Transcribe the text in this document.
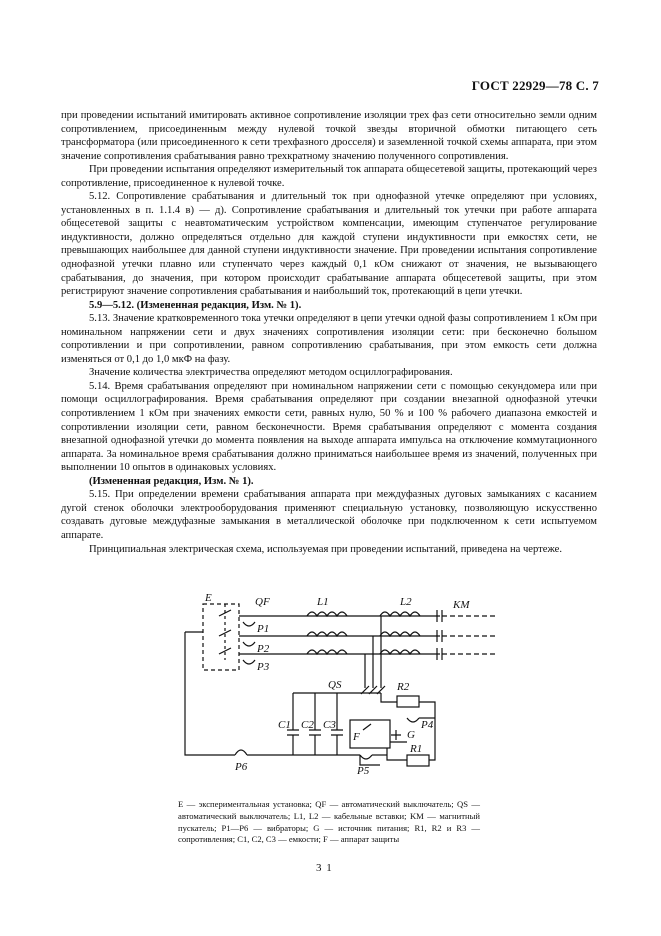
ГОСТ 22929—78 С. 7

при проведении испытаний имитировать активное сопротивление изоляции трех фаз сети относительно земли одним сопротивлением, присоединенным между нулевой точкой звезды вторичной обмотки питающего сеть трансформатора (или присоединенного к сети трехфазного дросселя) и заземленной точкой схемы аппарата, при этом значение сопротивления срабатывания равно трехкратному значению полученного сопротивления.

При проведении испытания определяют измерительный ток аппарата общесетевой защиты, протекающий через сопротивление, присоединенное к нулевой точке.

5.12. Сопротивление срабатывания и длительный ток при однофазной утечке определяют при условиях, установленных в п. 1.1.4 в) — д). Сопротивление срабатывания и длительный ток утечки при работе аппарата общесетевой защиты с неавтоматическим устройством компенсации, имеющим ступенчатое регулирование индуктивности, должно определяться отдельно для каждой ступени индуктивности при емкостях сети, не превышающих наибольшее для данной ступени индуктивности значение. При проведении испытания сопротивление однофазной утечки плавно или ступенчато через каждый 0,1 кОм снижают от значения, не вызывающего срабатывания, до значения, при котором происходит срабатывание аппарата общесетевой защиты, при этом регистрируют значение сопротивления срабатывания и наибольший ток, протекающий в цепи утечки.

5.9—5.12. (Измененная редакция, Изм. № 1).

5.13. Значение кратковременного тока утечки определяют в цепи утечки одной фазы сопротивлением 1 кОм при номинальном напряжении сети и двух значениях сопротивления изоляции сети: при бесконечно большом сопротивлении и при сопротивлении, равном сопротивлению срабатывания, при этом емкость сети должна изменяться от 0,1 до 1,0 мкФ на фазу.

Значение количества электричества определяют методом осциллографирования.

5.14. Время срабатывания определяют при номинальном напряжении сети с помощью секундомера или при помощи осциллографирования. Время срабатывания определяют при создании внезапной однофазной утечки сопротивлением 1 кОм при значениях емкости сети, равных нулю, 50 % и 100 % рабочего диапазона емкостей и сопротивлении изоляции сети, равном бесконечности. Время срабатывания определяют с момента создания внезапной однофазной утечки до момента появления на выходе аппарата импульса на отключение коммутационного аппарата. За номинальное время срабатывания должно приниматься наибольшее время из значений, полученных при выполнении 10 опытов в одинаковых условиях.

(Измененная редакция, Изм. № 1).

5.15. При определении времени срабатывания аппарата при междуфазных дуговых замыканиях с касанием дугой стенок оболочки электрооборудования применяют специальную установку, позволяющую искусственно создавать дуговые междуфазные замыкания в металлической оболочке при подключенном к сети испытуемом аппарате.

Принципиальная электрическая схема, используемая при проведении испытаний, приведена на чертеже.

E	QF	L1	L2	KM
P1
P2
P3
QS	R2
P4
C1 C2 C3
G
F
R1
P5
P6
E — экспериментальная установка; QF — автоматический выключатель; QS — автоматический выключатель; L1, L2 — кабельные вставки; KM — магнитный пускатель; P1—P6 — вибраторы; G — источник питания; R1, R2 и R3 — сопротивления; C1, C2, C3 — емкости; F — аппарат защиты
3 1
